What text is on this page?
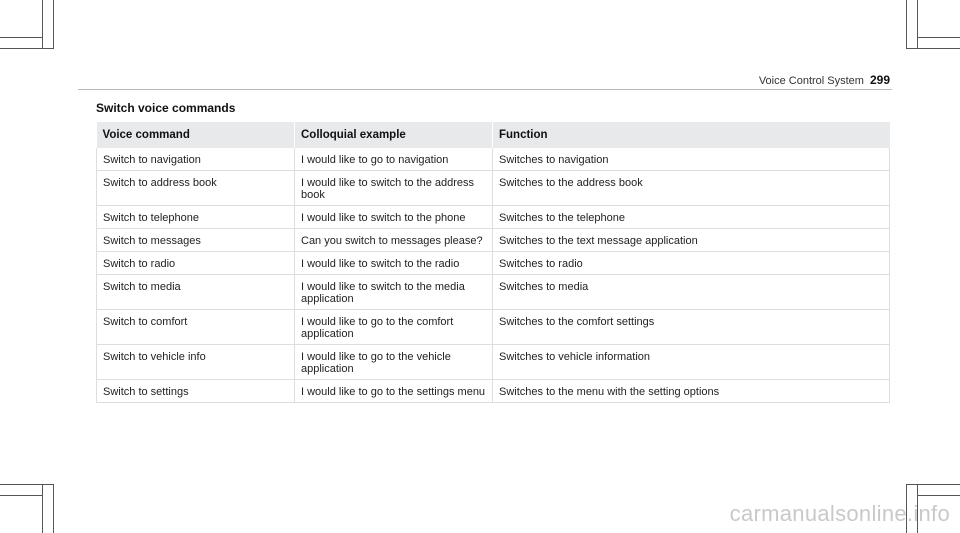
Voice Control System 299
Switch voice commands
Voice command	Colloquial example	Function
Switch to navigation	I would like to go to navigation	Switches to navigation
Switch to address book	I would like to switch to the address book	Switches to the address book
Switch to telephone	I would like to switch to the phone	Switches to the telephone
Switch to messages	Can you switch to messages please?	Switches to the text message application
Switch to radio	I would like to switch to the radio	Switches to radio
Switch to media	I would like to switch to the media application	Switches to media
Switch to comfort	I would like to go to the comfort application	Switches to the comfort settings
Switch to vehicle info	I would like to go to the vehicle application	Switches to vehicle information
Switch to settings	I would like to go to the settings menu	Switches to the menu with the setting options
carmanualsonline.info
